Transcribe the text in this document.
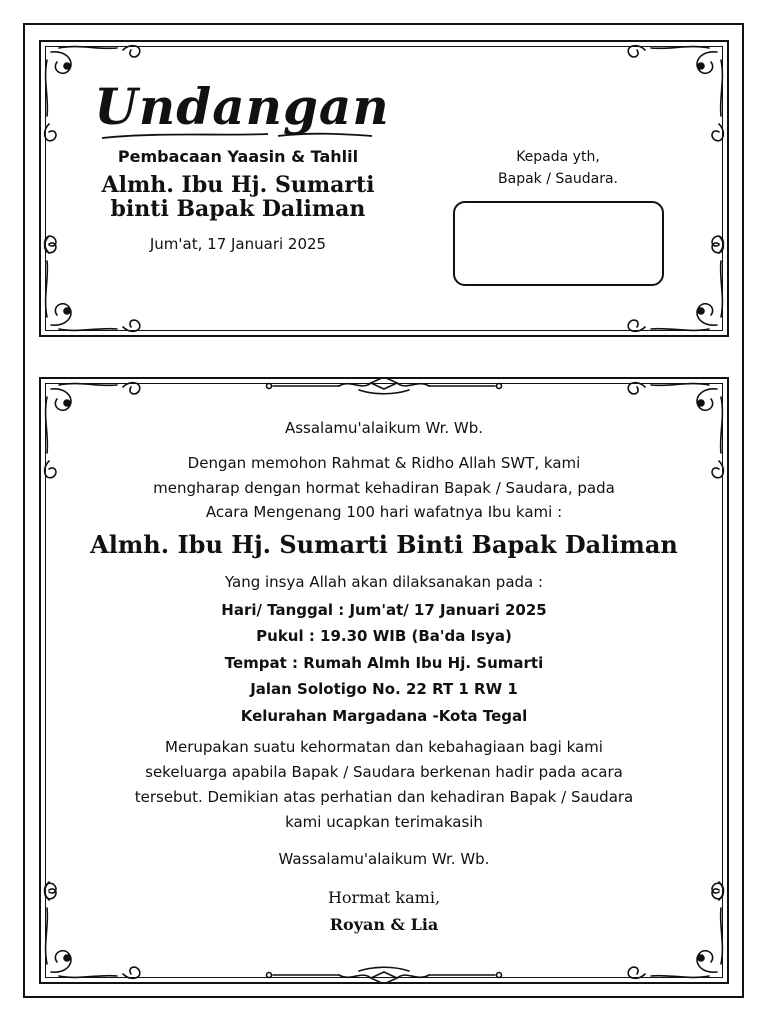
Undangan
Pembacaan Yaasin & Tahlil
Almh. Ibu Hj. Sumarti
binti Bapak Daliman
Jum'at, 17 Januari 2025
Kepada yth,
Bapak / Saudara.
Assalamu'alaikum Wr. Wb.
Dengan memohon Rahmat & Ridho Allah SWT, kami
mengharap dengan hormat kehadiran Bapak / Saudara, pada
Acara Mengenang 100 hari wafatnya Ibu kami :
Almh. Ibu Hj. Sumarti Binti Bapak Daliman
Yang insya Allah akan dilaksanakan pada :
Hari/ Tanggal : Jum'at/ 17 Januari 2025
Pukul : 19.30 WIB (Ba'da Isya)
Tempat : Rumah Almh Ibu Hj. Sumarti
Jalan Solotigo No. 22 RT 1 RW 1
Kelurahan Margadana -Kota Tegal
Merupakan suatu kehormatan dan kebahagiaan bagi kami
sekeluarga apabila Bapak / Saudara berkenan hadir pada acara
tersebut. Demikian atas perhatian dan kehadiran Bapak / Saudara
kami ucapkan terimakasih
Wassalamu'alaikum Wr. Wb.
Hormat kami,
Royan & Lia
